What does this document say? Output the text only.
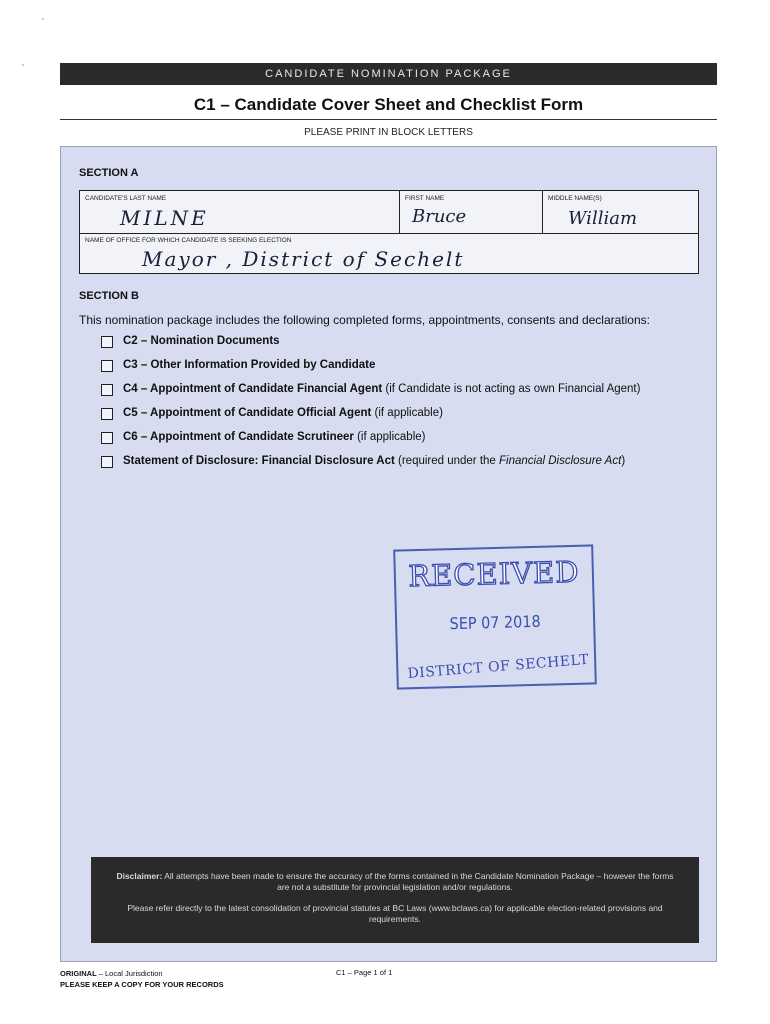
CANDIDATE NOMINATION PACKAGE
C1 – Candidate Cover Sheet and Checklist Form
PLEASE PRINT IN BLOCK LETTERS
SECTION A
CANDIDATE'S LAST NAME
MILNE
FIRST NAME
Bruce
MIDDLE NAME(S)
William
NAME OF OFFICE FOR WHICH CANDIDATE IS SEEKING ELECTION
Mayor , District of Sechelt
SECTION B
This nomination package includes the following completed forms, appointments, consents and declarations:
C2 – Nomination Documents
C3 – Other Information Provided by Candidate
C4 – Appointment of Candidate Financial Agent (if Candidate is not acting as own Financial Agent)
C5 – Appointment of Candidate Official Agent (if applicable)
C6 – Appointment of Candidate Scrutineer (if applicable)
Statement of Disclosure: Financial Disclosure Act (required under the Financial Disclosure Act)
RECEIVED
SEP 07 2018
DISTRICT OF SECHELT

Disclaimer: All attempts have been made to ensure the accuracy of the forms contained in the Candidate Nomination Package – however the forms are not a substitute for provincial legislation and/or regulations.

Please refer directly to the latest consolidation of provincial statutes at BC Laws (www.bclaws.ca) for applicable election-related provisions and requirements.

ORIGINAL – Local Jurisdiction
PLEASE KEEP A COPY FOR YOUR RECORDS
C1 – Page 1 of 1
